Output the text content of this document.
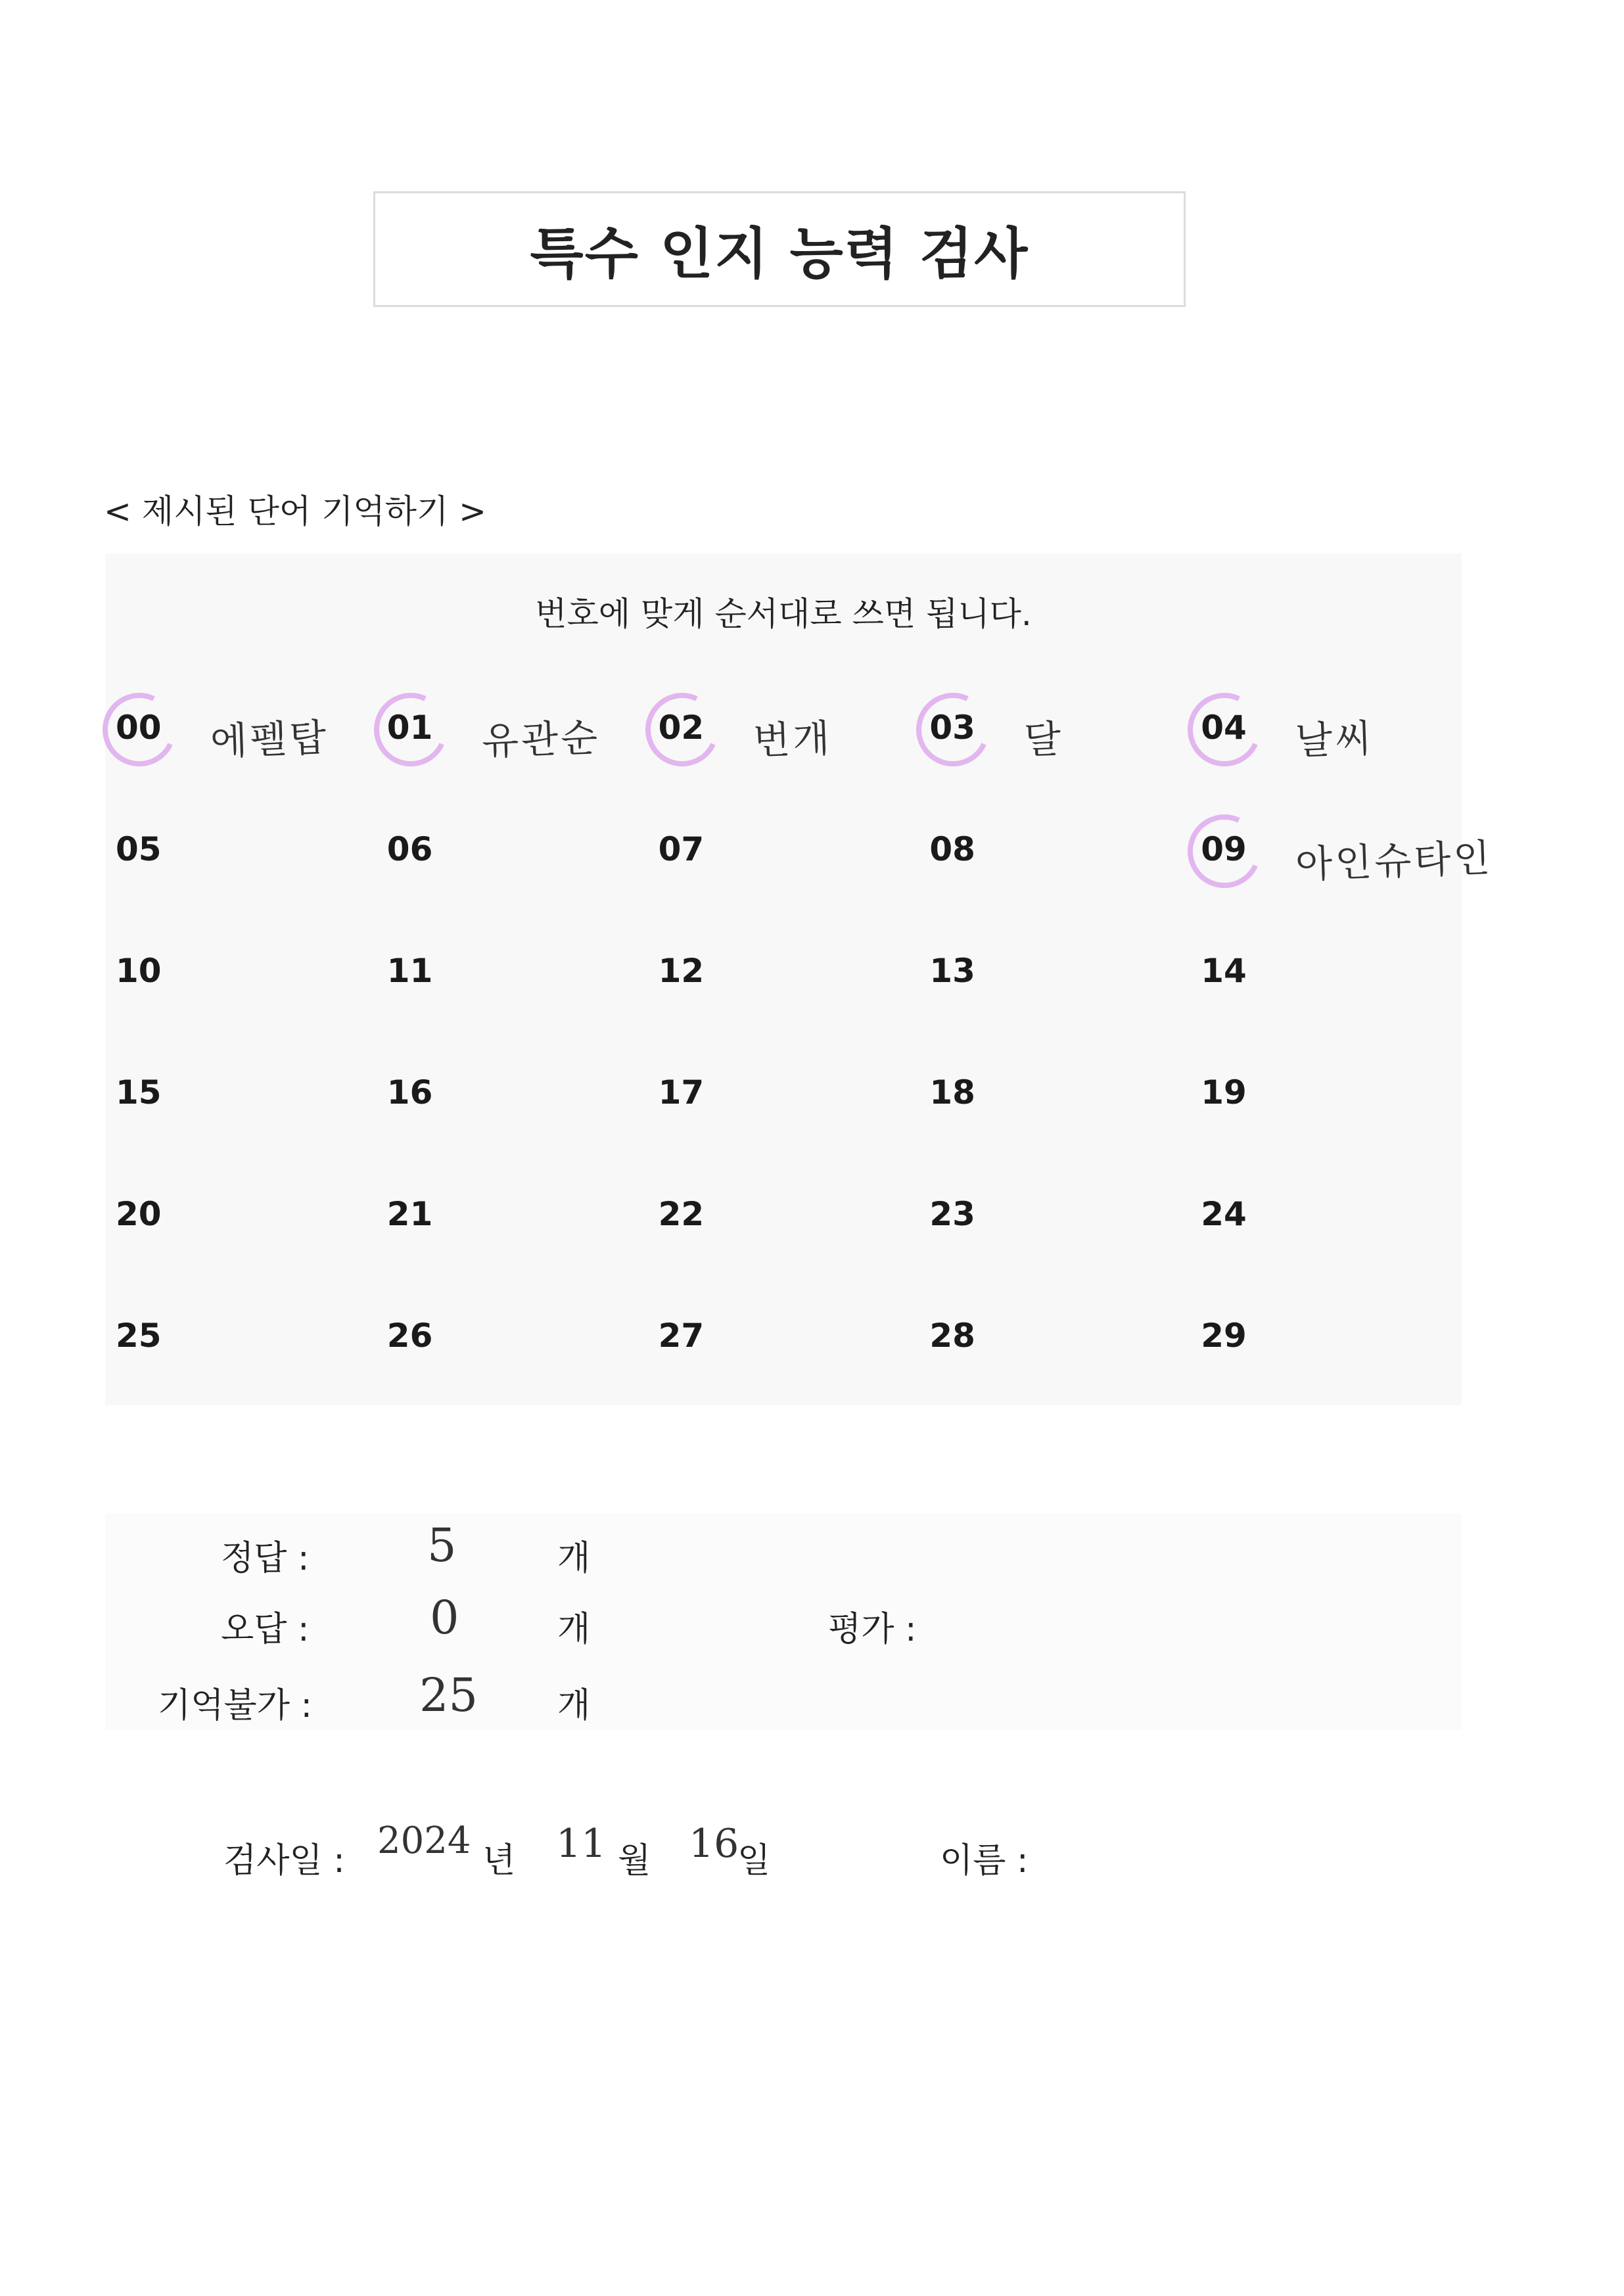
특수 인지 능력 검사
< 제시된 단어 기억하기 >
번호에 맞게 순서대로 쓰면 됩니다.
00 에펠탑 01 유관순 02 번개	03 달	04 날씨
05	06	07	08	09 아인슈타인
10	11	12	13	14
15	16	17	18	19
20	21	22	23	24
25	26	27	28	29
정답 :	5	개
오답 :	0	개
기억불가 : 25 개
평가 :
검사일 : 2024 년 11 월 16
일	이름 :
